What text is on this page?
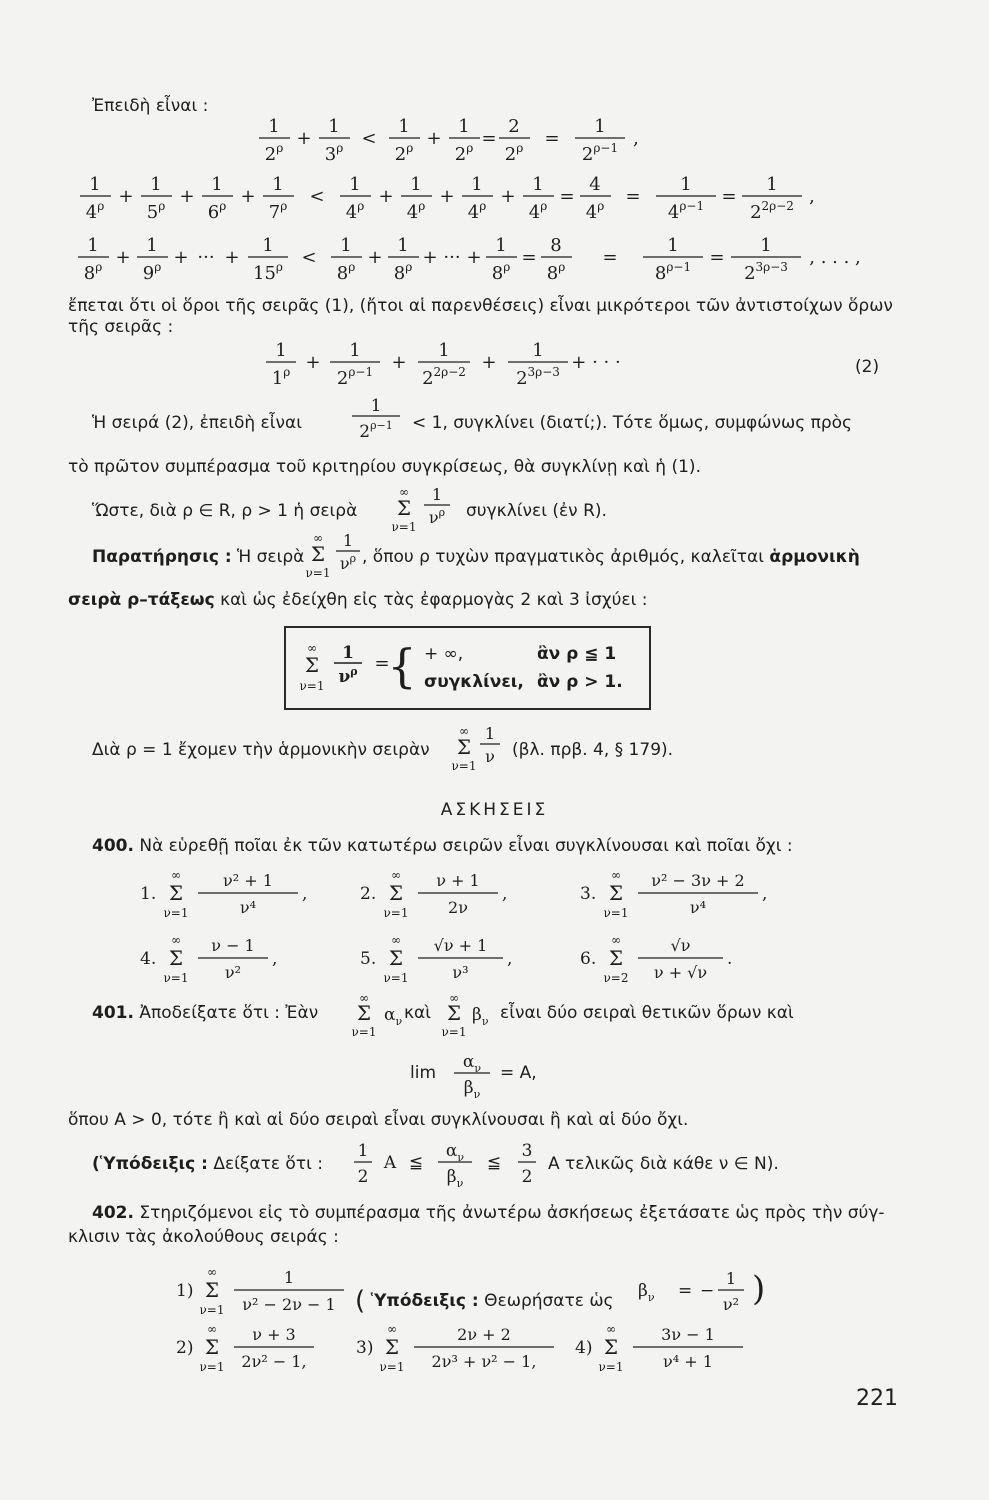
Ἐπειδὴ εἶναι :
1
$2^\rho$ +
1
$3^\rho$ <
1
$2^\rho$ +
1
$2^\rho$ =
2
$2^\rho$ =
1
$2^{\rho-1}$ ,
1
$4^\rho$ +
1
$5^\rho$ +
1
$6^\rho$ +
1
$7^\rho$ <
1
$4^\rho$ +
1
$4^\rho$ +
1
$4^\rho$ +
1
$4^\rho$ =
4
$4^\rho$ =
1
$4^{\rho-1}$ =
1
$2^{2\rho-2}$ ,
1
$8^\rho$ +
1
$9^\rho$ + ··· +
1
$15^\rho$ <
1
$8^\rho$ +
1
$8^\rho$ + ··· +
1
$8^\rho$ =
8
$8^\rho$ =
1
$8^{\rho-1}$ =
1
$2^{3\rho-3}$ , . . . ,
ἔπεται ὅτι οἱ ὅροι τῆς σειρᾶς (1), (ἤτοι αἱ παρενθέσεις) εἶναι μικρότεροι τῶν ἀντιστοίχων ὅρων
τῆς σειρᾶς :
1
$1^\rho$ +
1
$2^{\rho-1}$ +
1
$2^{2\rho-2}$ +
1
$2^{3\rho-3}$ + · · ·	(2)
Ἡ σειρά (2), ἐπειδὴ εἶναι
1
$2^{\rho-1} < 1$, συγκλίνει (διατί;). Τότε ὅμως, συμφώνως πρὸς
τὸ πρῶτον συμπέρασμα τοῦ κριτηρίου συγκρίσεως, θὰ συγκλίνῃ καὶ ἡ (1).
Ὥστε, διὰ ρ ∈ R, ρ > 1 ἡ σειρὰ
∞
Σ
ν=1
1
$\nu^\rho$ συγκλίνει (ἐν R).
Παρατήρησις : Ἡ σειρὰ
∞
Σ
ν=1
1
$\nu^\rho$ , ὅπου ρ τυχὼν πραγματικὸς ἀριθμός, καλεῖται ἁρμονικὴ
σειρὰ ρ–τάξεως καὶ ὡς ἐδείχθη εἰς τὰς ἐφαρμογὰς 2 καὶ 3 ἰσχύει :
∞
Σ
ν=1
1
$\nu^\rho$ =
{ + ∞,	ἂν ρ ≦ 1
συγκλίνει, ἂν ρ > 1.
Διὰ ρ = 1 ἔχομεν τὴν ἁρμονικὴν σειρὰν
∞
Σ
ν=1
1
ν (βλ. πρβ. 4, § 179).
ΑΣΚΗΣΕΙΣ
400. Νὰ εὑρεθῇ ποῖαι ἐκ τῶν κατωτέρω σειρῶν εἶναι συγκλίνουσαι καὶ ποῖαι ὄχι :
1.
∞
Σ
ν=1
ν² + 1
ν⁴
,	2.
∞
Σ
ν=1
ν + 1
2ν
,	3.
∞
Σ
ν=1
ν² − 3ν + 2
ν⁴
,
4.
∞
Σ
ν=1
ν − 1
ν²
,	5.
∞
Σ
ν=1
√ν + 1
ν³
,	6.
∞
Σ
ν=2
√ν
ν + √ν
.
401. Ἀποδείξατε ὅτι : Ἐὰν
∞
Σ
ν=1
$\alpha_\nu$ καὶ
∞
Σ
ν=1
$\beta_\nu$ εἶναι δύο σειραὶ θετικῶν ὅρων καὶ
lim
$\alpha_\nu$
$\beta_\nu$
= A,
ὅπου A > 0, τότε ἢ καὶ αἱ δύο σειραὶ εἶναι συγκλίνουσαι ἢ καὶ αἱ δύο ὄχι.
(Ὑπόδειξις : Δείξατε ὅτι :
1
2
A ≦
$\alpha_\nu$
$\beta_\nu$
≦
3
2
A τελικῶς διὰ κάθε ν ∈ N).
402. Στηριζόμενοι εἰς τὸ συμπέρασμα τῆς ἀνωτέρω ἀσκήσεως ἐξετάσατε ὡς πρὸς τὴν σύγ-
κλισιν τὰς ἀκολούθους σειράς :
1)
∞
Σ
ν=1
1
ν² − 2ν − 1
2)
∞
Σ
ν=1
ν + 3
2ν² − 1,
3)
∞
Σ
ν=1
2ν + 2
2ν³ + ν² − 1,
4)
∞
Σ
ν=1
3ν − 1
ν⁴ + 1
( Ὑπόδειξις : Θεωρήσατε ὡς $\beta_\nu$ = −
1
ν² )
221
